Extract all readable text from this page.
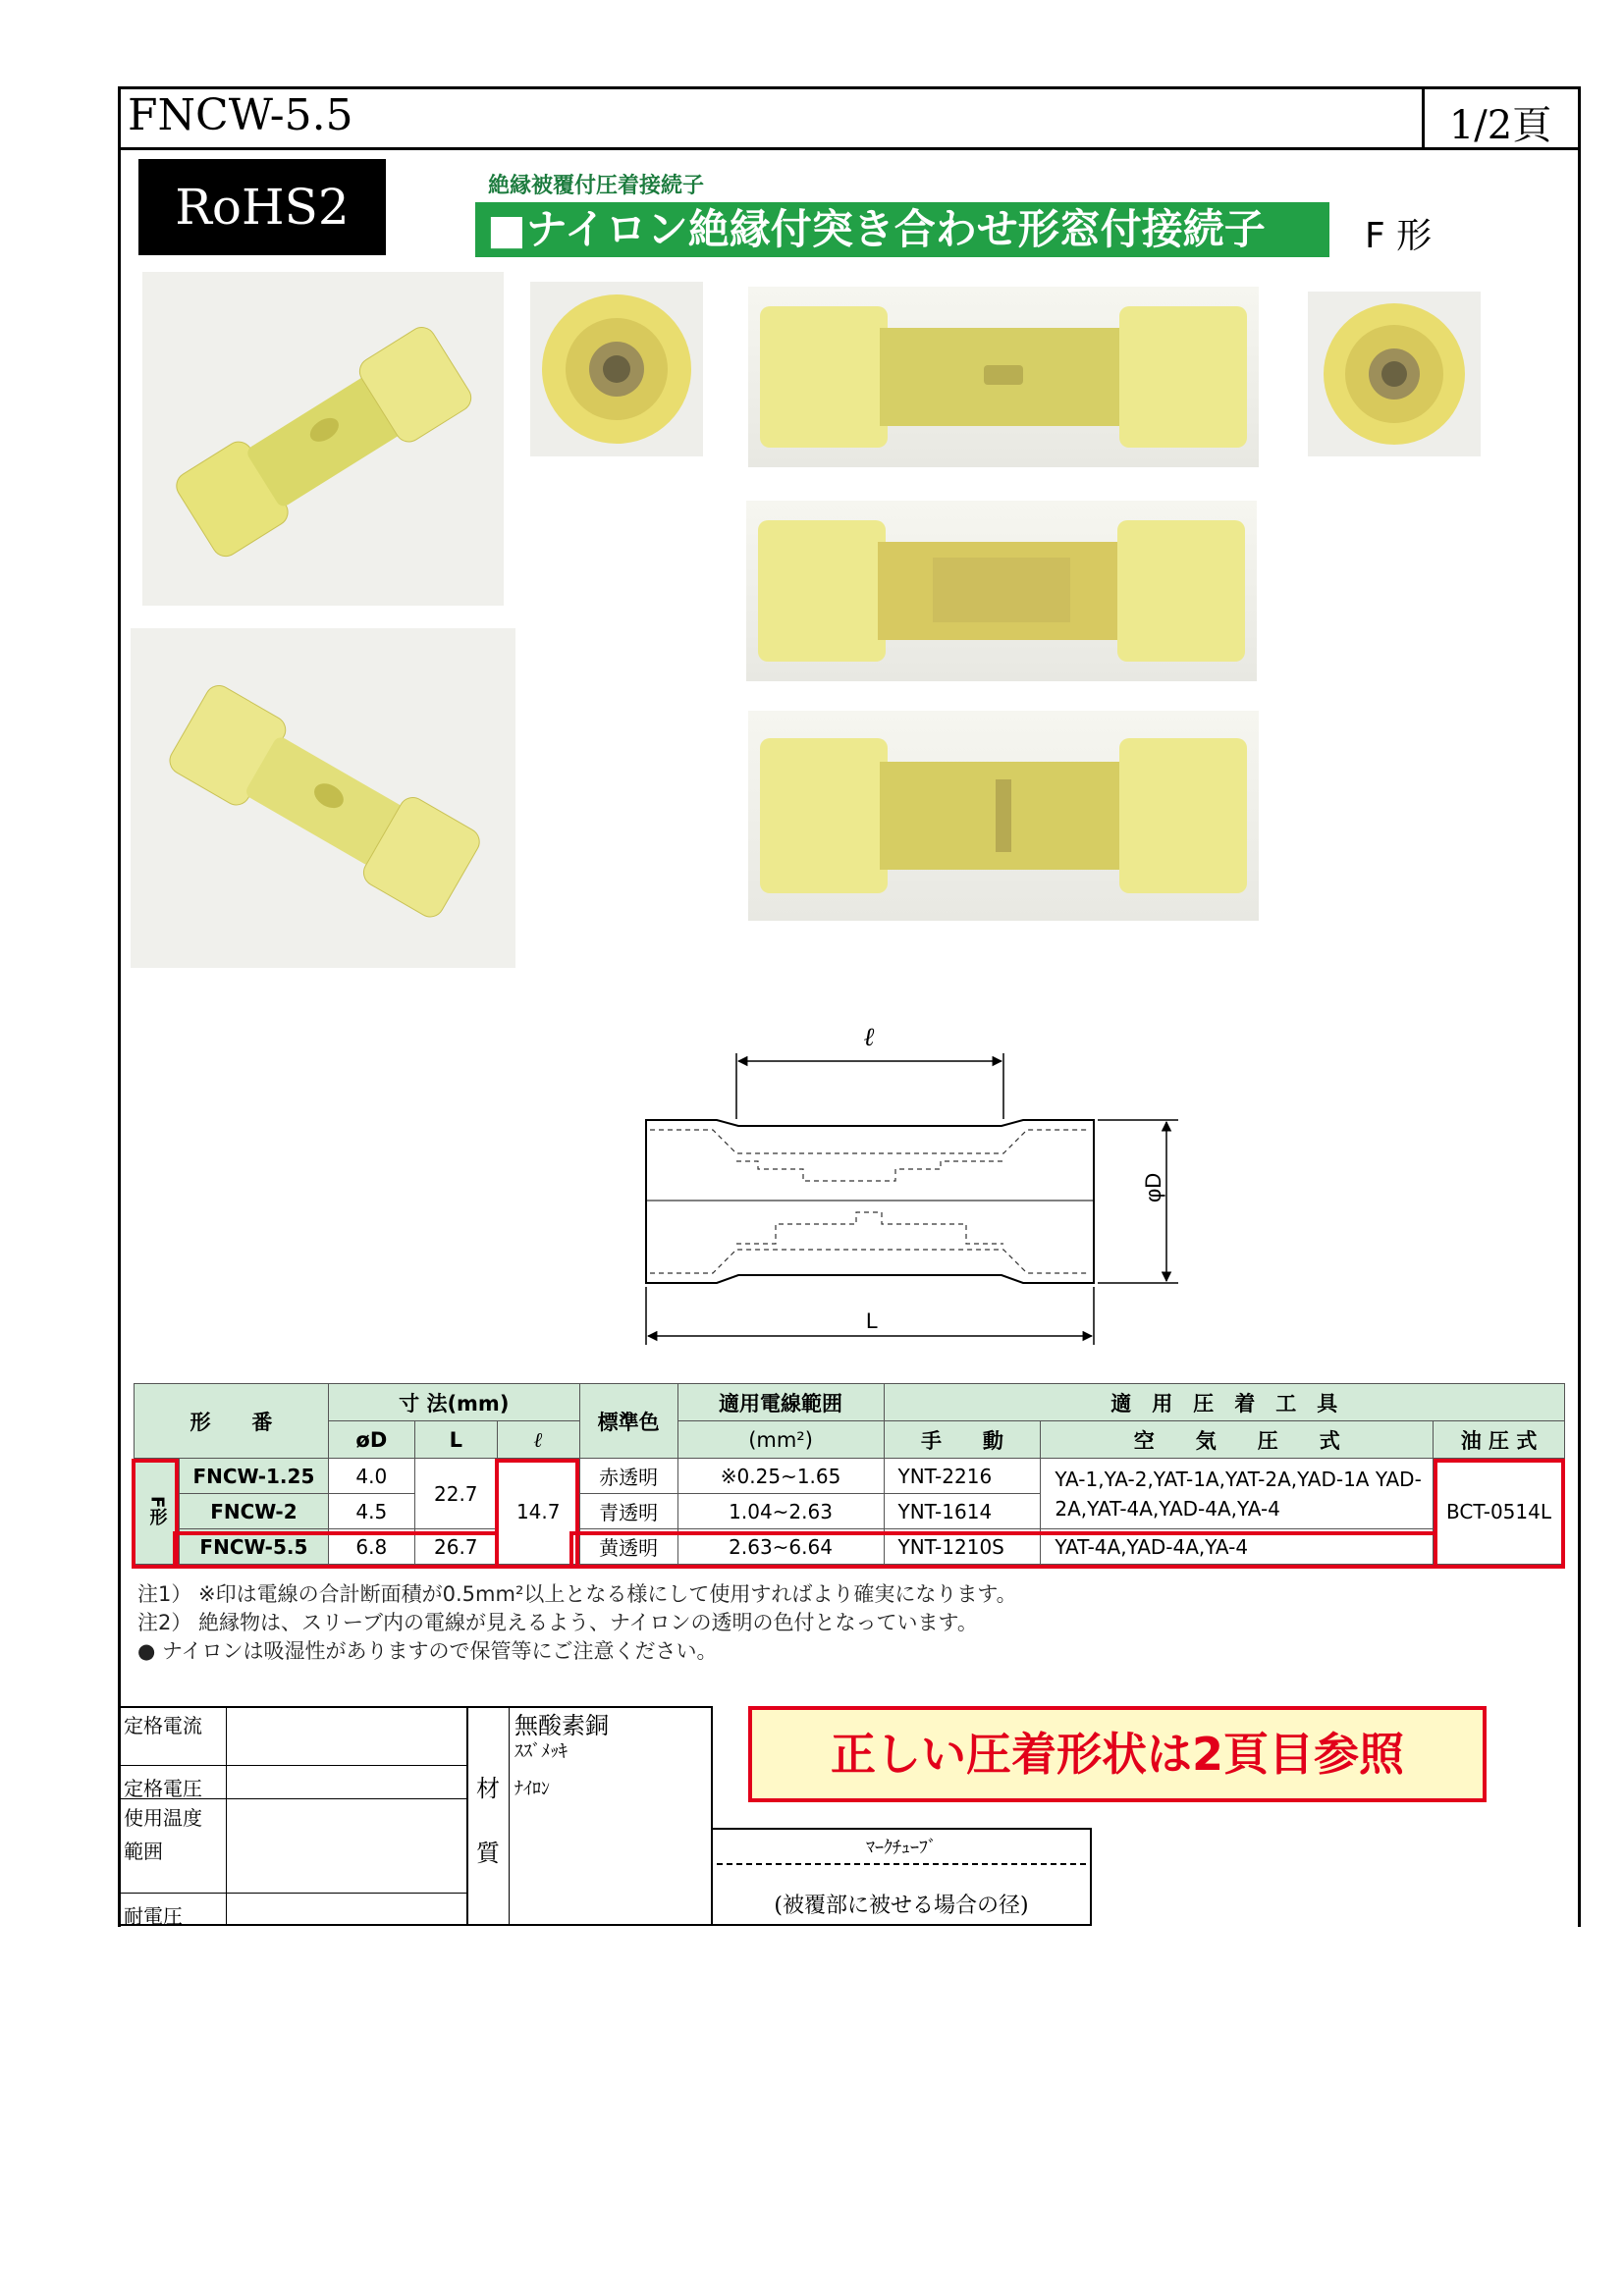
FNCW-5.5	1/2頁
RoHS2	絶縁被覆付圧着接続子
■ナイロン絶縁付突き合わせ形窓付接続子	F 形
ℓ
L
φD
形　　番		寸 法(mm)			標準色	適用電線範囲	適　用　圧　着　工　具		
		øD	L	ℓ		(mm²)	手　　動	空　　気　　圧　　式	油 圧 式
F形	FNCW-1.25	4.0	22.7	14.7	赤透明	※0.25~1.65	YNT-2216	YA-1,YA-2,YAT-1A,YAT-2A,YAD-1A YAD-2A,YAT-4A,YAD-4A,YA-4	BCT-0514L
	FNCW-2	4.5			青透明	1.04~2.63	YNT-1614		
	FNCW-5.5	6.8	26.7		黄透明	2.63~6.64	YNT-1210S	YAT-4A,YAD-4A,YA-4	
注1） ※印は電線の合計断面積が0.5mm²以上となる様にして使用すればより確実になります。
注2） 絶縁物は、スリーブ内の電線が見えるよう、ナイロンの透明の色付となっています。
● ナイロンは吸湿性がありますので保管等にご注意ください。
定格電流
定格電圧
使用温度
範囲
耐電圧
材
質
無酸素銅
ｽｽﾞﾒｯｷ
ﾅｲﾛﾝ
ﾏｰｸﾁｭｰﾌﾞ
(被覆部に被せる場合の径)
正しい圧着形状は2頁目参照
